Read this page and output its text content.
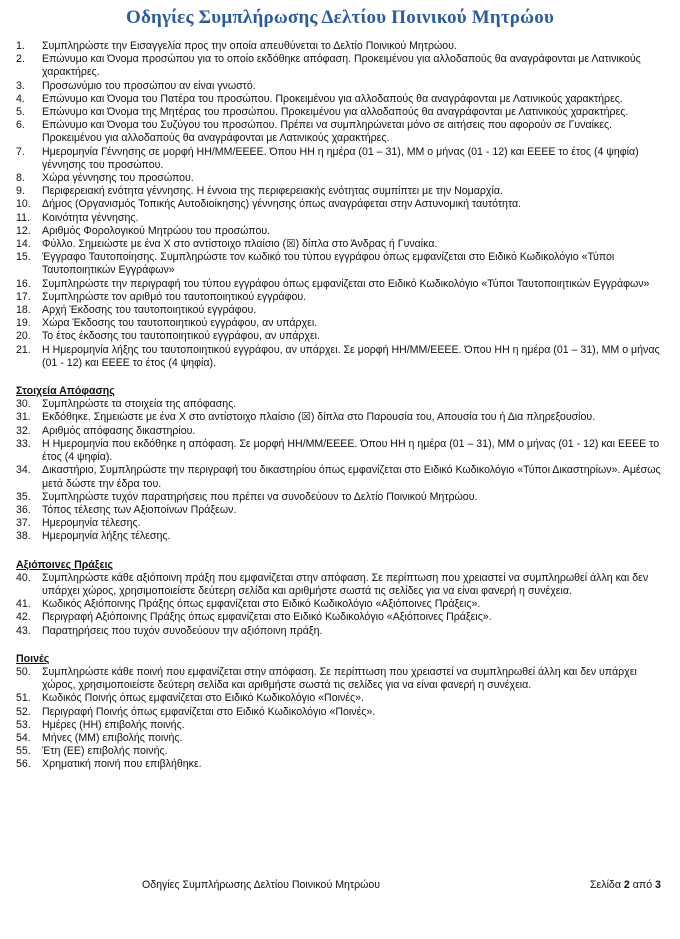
Οδηγίες Συμπλήρωσης Δελτίου Ποινικού Μητρώου
1. Συμπληρώστε την Εισαγγελία προς την οποία απευθύνεται το Δελτίο Ποινικού Μητρώου.
2. Επώνυμο και Όνομα προσώπου για το οποίο εκδόθηκε απόφαση. Προκειμένου για αλλοδαπούς θα αναγράφονται με Λατινικούς χαρακτήρες.
3. Προσωνύμιο του προσώπου αν είναι γνωστό.
4. Επώνυμο και Όνομα του Πατέρα του προσώπου. Προκειμένου για αλλοδαπούς θα αναγράφονται με Λατινικούς χαρακτήρες.
5. Επώνυμο και Όνομα της Μητέρας του προσώπου. Προκειμένου για αλλοδαπούς θα αναγράφονται με Λατινικούς χαρακτήρες.
6. Επώνυμο και Όνομα του Συζύγου του προσώπου. Πρέπει να συμπληρώνεται μόνο σε αιτήσεις που αφορούν σε Γυναίκες. Προκειμένου για αλλοδαπούς θα αναγράφονται με Λατινικούς χαρακτήρες.
7. Ημερομηνία Γέννησης σε μορφή ΗΗ/ΜΜ/ΕΕΕΕ. Όπου ΗΗ η ημέρα (01 – 31), ΜΜ ο μήνας (01 - 12) και ΕΕΕΕ το έτος (4 ψηφία) γέννησης του προσώπου.
8. Χώρα γέννησης του προσώπου.
9. Περιφερειακή ενότητα γέννησης. Η έννοια της περιφερειακής ενότητας συμπίπτει με την Νομαρχία.
10. Δήμος (Οργανισμός Τοπικής Αυτοδιοίκησης) γέννησης όπως αναγράφεται στην Αστυνομική ταυτότητα.
11. Κοινότητα γέννησης.
12. Αριθμός Φορολογικού Μητρώου του προσώπου.
14. Φύλλο. Σημειώστε με ένα Χ στο αντίστοιχο πλαίσιο (☒) δίπλα στο Άνδρας ή Γυναίκα.
15. Έγγραφο Ταυτοποίησης. Συμπληρώστε τον κωδικό του τύπου εγγράφου όπως εμφανίζεται στο Ειδικό Κωδικολόγιο «Τύποι Ταυτοποιητικών Εγγράφων»
16. Συμπληρώστε την περιγραφή του τύπου εγγράφου όπως εμφανίζεται στο Ειδικό Κωδικολόγιο «Τύποι Ταυτοποιητικών Εγγράφων»
17. Συμπληρώστε τον αριθμό του ταυτοποιητικού εγγράφου.
18. Αρχή Έκδοσης του ταυτοποιητικού εγγράφου.
19. Χώρα Έκδοσης του ταυτοποιητικού εγγράφου, αν υπάρχει.
20. Το έτος έκδοσης του ταυτοποιητικού εγγράφου, αν υπάρχει.
21. Η Ημερομηνία λήξης του ταυτοποιητικού εγγράφου, αν υπάρχει. Σε μορφή ΗΗ/ΜΜ/ΕΕΕΕ. Όπου ΗΗ η ημέρα (01 – 31), ΜΜ ο μήνας (01 - 12) και ΕΕΕΕ το έτος (4 ψηφία).
Στοιχεία Απόφασης
30. Συμπληρώστε τα στοιχεία της απόφασης.
31. Εκδόθηκε. Σημειώστε με ένα Χ στο αντίστοιχο πλαίσιο (☒) δίπλα στο Παρουσία του, Απουσία του ή Δια πληρεξουσίου.
32. Αριθμός απόφασης δικαστηρίου.
33. Η Ημερομηνία που εκδόθηκε η απόφαση. Σε μορφή ΗΗ/ΜΜ/ΕΕΕΕ. Όπου ΗΗ η ημέρα (01 – 31), ΜΜ ο μήνας (01 - 12) και ΕΕΕΕ το έτος (4 ψηφία).
34. Δικαστήριο, Συμπληρώστε την περιγραφή του δικαστηρίου όπως εμφανίζεται στο Ειδικό Κωδικολόγιο «Τύποι Δικαστηρίων». Αμέσως μετά δώστε την έδρα του.
35. Συμπληρώστε τυχόν παρατηρήσεις που πρέπει να συνοδεύουν το Δελτίο Ποινικού Μητρώου.
36. Τόπος τέλεσης των Αξιοποίνων Πράξεων.
37. Ημερομηνία τέλεσης.
38. Ημερομηνία λήξης τέλεσης.
Αξιόποινες Πράξεις
40. Συμπληρώστε κάθε αξιόποινη πράξη που εμφανίζεται στην απόφαση. Σε περίπτωση που χρειαστεί να συμπληρωθεί άλλη και δεν υπάρχει χώρος, χρησιμοποιείστε δεύτερη σελίδα και αριθμήστε σωστά τις σελίδες για να είναι φανερή η συνέχεια.
41. Κωδικός Αξιόποινης Πράξης όπως εμφανίζεται στο Ειδικό Κωδικολόγιο «Αξιόποινες Πράξεις».
42. Περιγραφή Αξιόποινης Πράξης όπως εμφανίζεται στο Ειδικό Κωδικολόγιο «Αξιόποινες Πράξεις».
43. Παρατηρήσεις που τυχόν συνοδεύουν την αξιόποινη πράξη.
Ποινές
50. Συμπληρώστε κάθε ποινή που εμφανίζεται στην απόφαση. Σε περίπτωση που χρειαστεί να συμπληρωθεί άλλη και δεν υπάρχει χώρος, χρησιμοποιείστε δεύτερη σελίδα και αριθμήστε σωστά τις σελίδες για να είναι φανερή η συνέχεια.
51. Κωδικός Ποινής όπως εμφανίζεται στο Ειδικό Κωδικολόγιο «Ποινές».
52. Περιγραφή Ποινής όπως εμφανίζεται στο Ειδικό Κωδικολόγιο «Ποινές».
53. Ημέρες (ΗΗ) επιβολής ποινής.
54. Μήνες (ΜΜ) επιβολής ποινής.
55. Έτη (ΕΕ) επιβολής ποινής.
56. Χρηματική ποινή που επιβλήθηκε.
Οδηγίες Συμπλήρωσης Δελτίου Ποινικού Μητρώου	Σελίδα 2 από 3
